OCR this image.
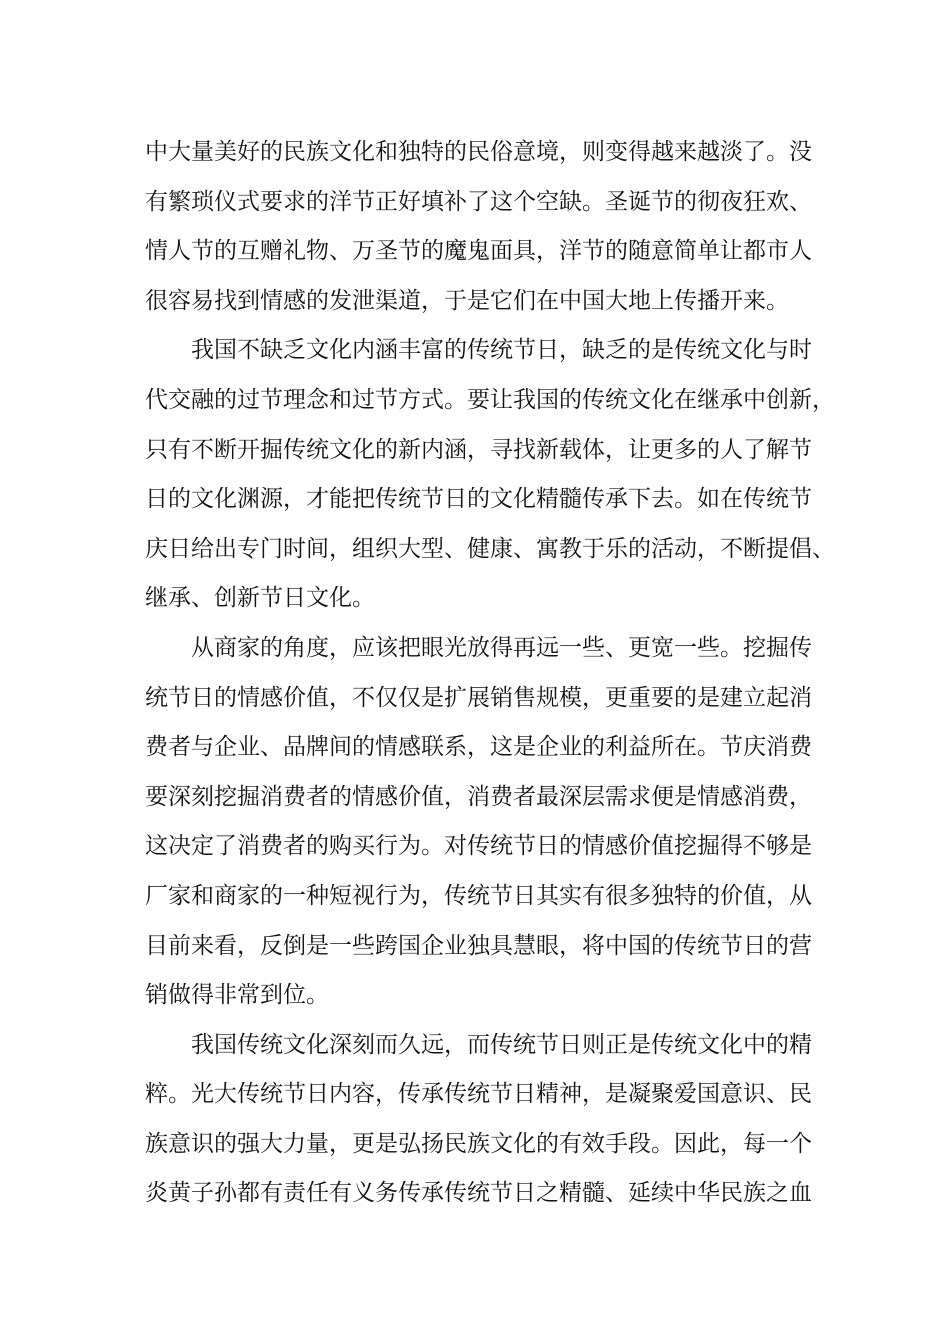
中大量美好的民族文化和独特的民俗意境，则变得越来越淡了。没
有繁琐仪式要求的洋节正好填补了这个空缺。圣诞节的彻夜狂欢、
情人节的互赠礼物、万圣节的魔鬼面具，洋节的随意简单让都市人
很容易找到情感的发泄渠道，于是它们在中国大地上传播开来。
我国不缺乏文化内涵丰富的传统节日，缺乏的是传统文化与时
代交融的过节理念和过节方式。要让我国的传统文化在继承中创新，
只有不断开掘传统文化的新内涵，寻找新载体，让更多的人了解节
日的文化渊源，才能把传统节日的文化精髓传承下去。如在传统节
庆日给出专门时间，组织大型、健康、寓教于乐的活动，不断提倡、
继承、创新节日文化。
从商家的角度，应该把眼光放得再远一些、更宽一些。挖掘传
统节日的情感价值，不仅仅是扩展销售规模，更重要的是建立起消
费者与企业、品牌间的情感联系，这是企业的利益所在。节庆消费
要深刻挖掘消费者的情感价值，消费者最深层需求便是情感消费，
这决定了消费者的购买行为。对传统节日的情感价值挖掘得不够是
厂家和商家的一种短视行为，传统节日其实有很多独特的价值，从
目前来看，反倒是一些跨国企业独具慧眼，将中国的传统节日的营
销做得非常到位。
我国传统文化深刻而久远，而传统节日则正是传统文化中的精
粹。光大传统节日内容，传承传统节日精神，是凝聚爱国意识、民
族意识的强大力量，更是弘扬民族文化的有效手段。因此，每一个
炎黄子孙都有责任有义务传承传统节日之精髓、延续中华民族之血
